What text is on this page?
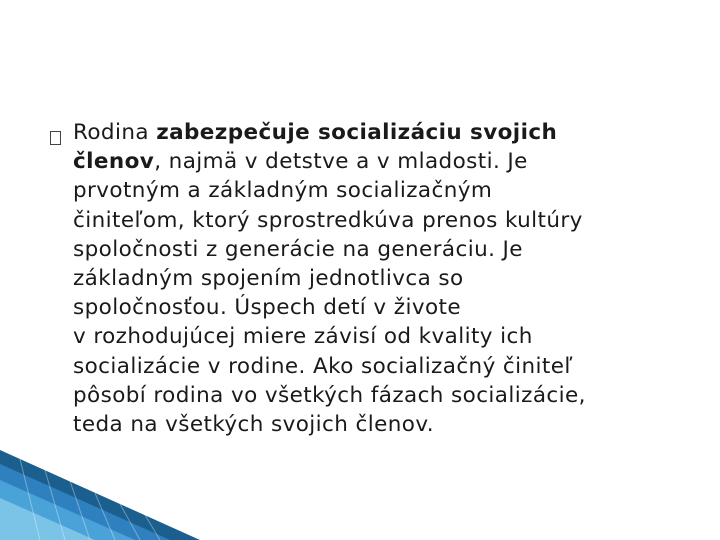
Rodina zabezpečuje socializáciu svojich
členov, najmä v detstve a v mladosti. Je
prvotným a základným socializačným
činiteľom, ktorý sprostredkúva prenos kultúry
spoločnosti z generácie na generáciu. Je
základným spojením jednotlivca so
spoločnosťou. Úspech detí v živote
v rozhodujúcej miere závisí od kvality ich
socializácie v rodine. Ako socializačný činiteľ
pôsobí rodina vo všetkých fázach socializácie,
teda na všetkých svojich členov.
